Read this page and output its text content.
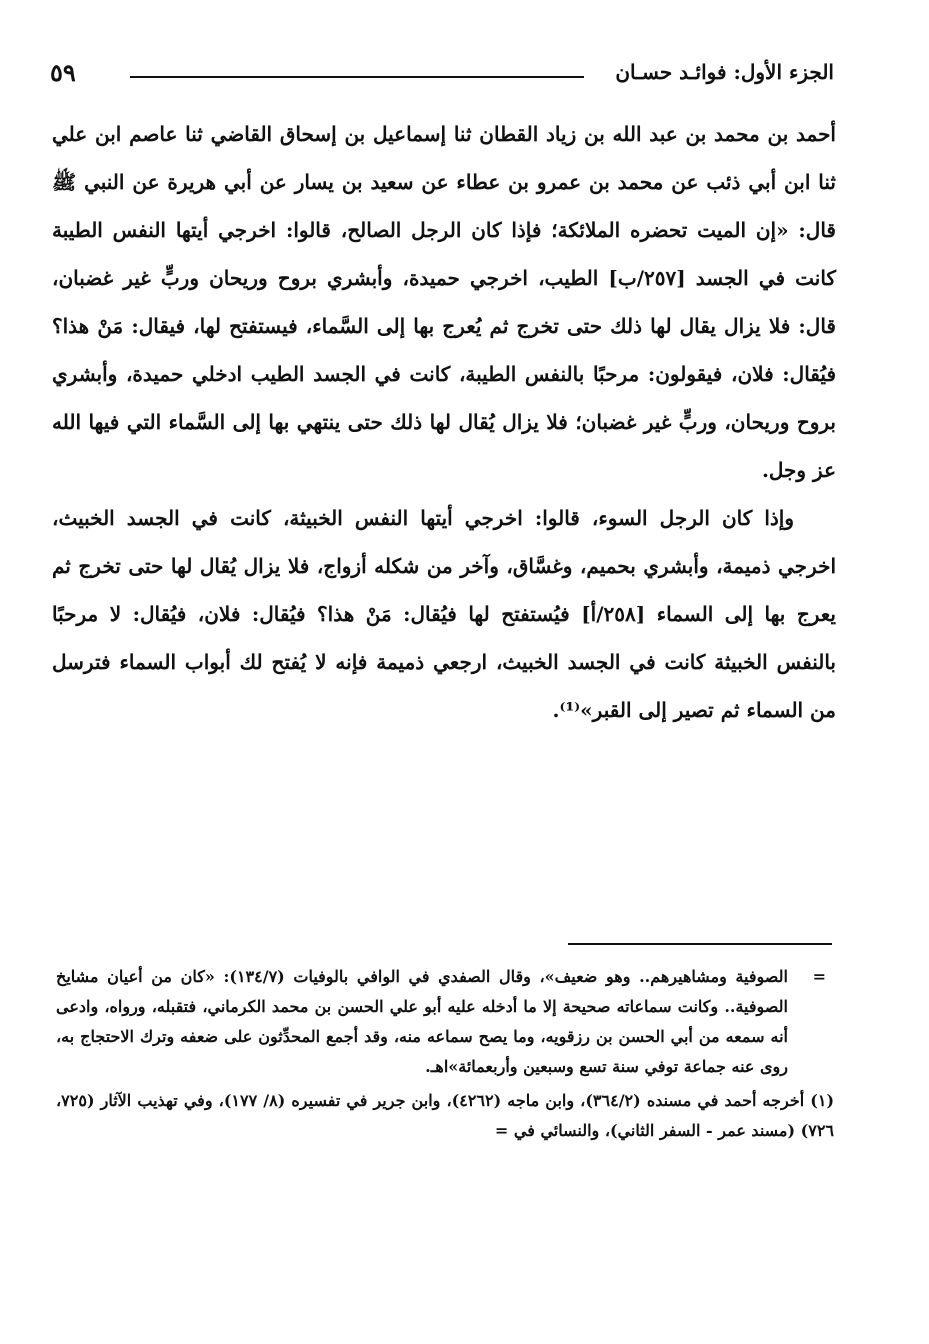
الجزء الأول: فوائـد حسـان
٥٩

أحمد بن محمد بن عبد الله بن زياد القطان ثنا إسماعيل بن إسحاق القاضي ثنا عاصم ابن علي ثنا ابن أبي ذئب عن محمد بن عمرو بن عطاء عن سعيد بن يسار عن أبي هريرة عن النبي ﷺ قال: «إن الميت تحضره الملائكة؛ فإذا كان الرجل الصالح، قالوا: اخرجي أيتها النفس الطيبة كانت في الجسد [٢٥٧/ب] الطيب، اخرجي حميدة، وأبشري بروح وريحان وربٍّ غير غضبان، قال: فلا يزال يقال لها ذلك حتى تخرج ثم يُعرج بها إلى السَّماء، فيستفتح لها، فيقال: مَنْ هذا؟ فيُقال: فلان، فيقولون: مرحبًا بالنفس الطيبة، كانت في الجسد الطيب ادخلي حميدة، وأبشري بروح وريحان، وربٍّ غير غضبان؛ فلا يزال يُقال لها ذلك حتى ينتهي بها إلى السَّماء التي فيها الله عز وجل.

وإذا كان الرجل السوء، قالوا: اخرجي أيتها النفس الخبيثة، كانت في الجسد الخبيث، اخرجي ذميمة، وأبشري بحميم، وغسَّاق، وآخر من شكله أزواج، فلا يزال يُقال لها حتى تخرج ثم يعرج بها إلى السماء [٢٥٨/أ] فيُستفتح لها فيُقال: مَنْ هذا؟ فيُقال: فلان، فيُقال: لا مرحبًا بالنفس الخبيثة كانت في الجسد الخبيث، ارجعي ذميمة فإنه لا يُفتح لك أبواب السماء فترسل من السماء ثم تصير إلى القبر»⁽¹⁾.

=
الصوفية ومشاهيرهم.. وهو ضعيف»، وقال الصفدي في الوافي بالوفيات (١٣٤/٧): «كان من أعيان مشايخ الصوفية.. وكانت سماعاته صحيحة إلا ما أدخله عليه أبو علي الحسن بن محمد الكرماني، فتقبله، ورواه، وادعى أنه سمعه من أبي الحسن بن رزقويه، وما يصح سماعه منه، وقد أجمع المحدِّثون على ضعفه وترك الاحتجاج به، روى عنه جماعة توفي سنة تسع وسبعين وأربعمائة»اهـ.
(١) أخرجه أحمد في مسنده (٣٦٤/٢)، وابن ماجه (٤٢٦٢)، وابن جرير في تفسيره (٨/ ١٧٧)، وفي تهذيب الآثار (٧٢٥، ٧٢٦) (مسند عمر - السفر الثاني)، والنسائي في =
